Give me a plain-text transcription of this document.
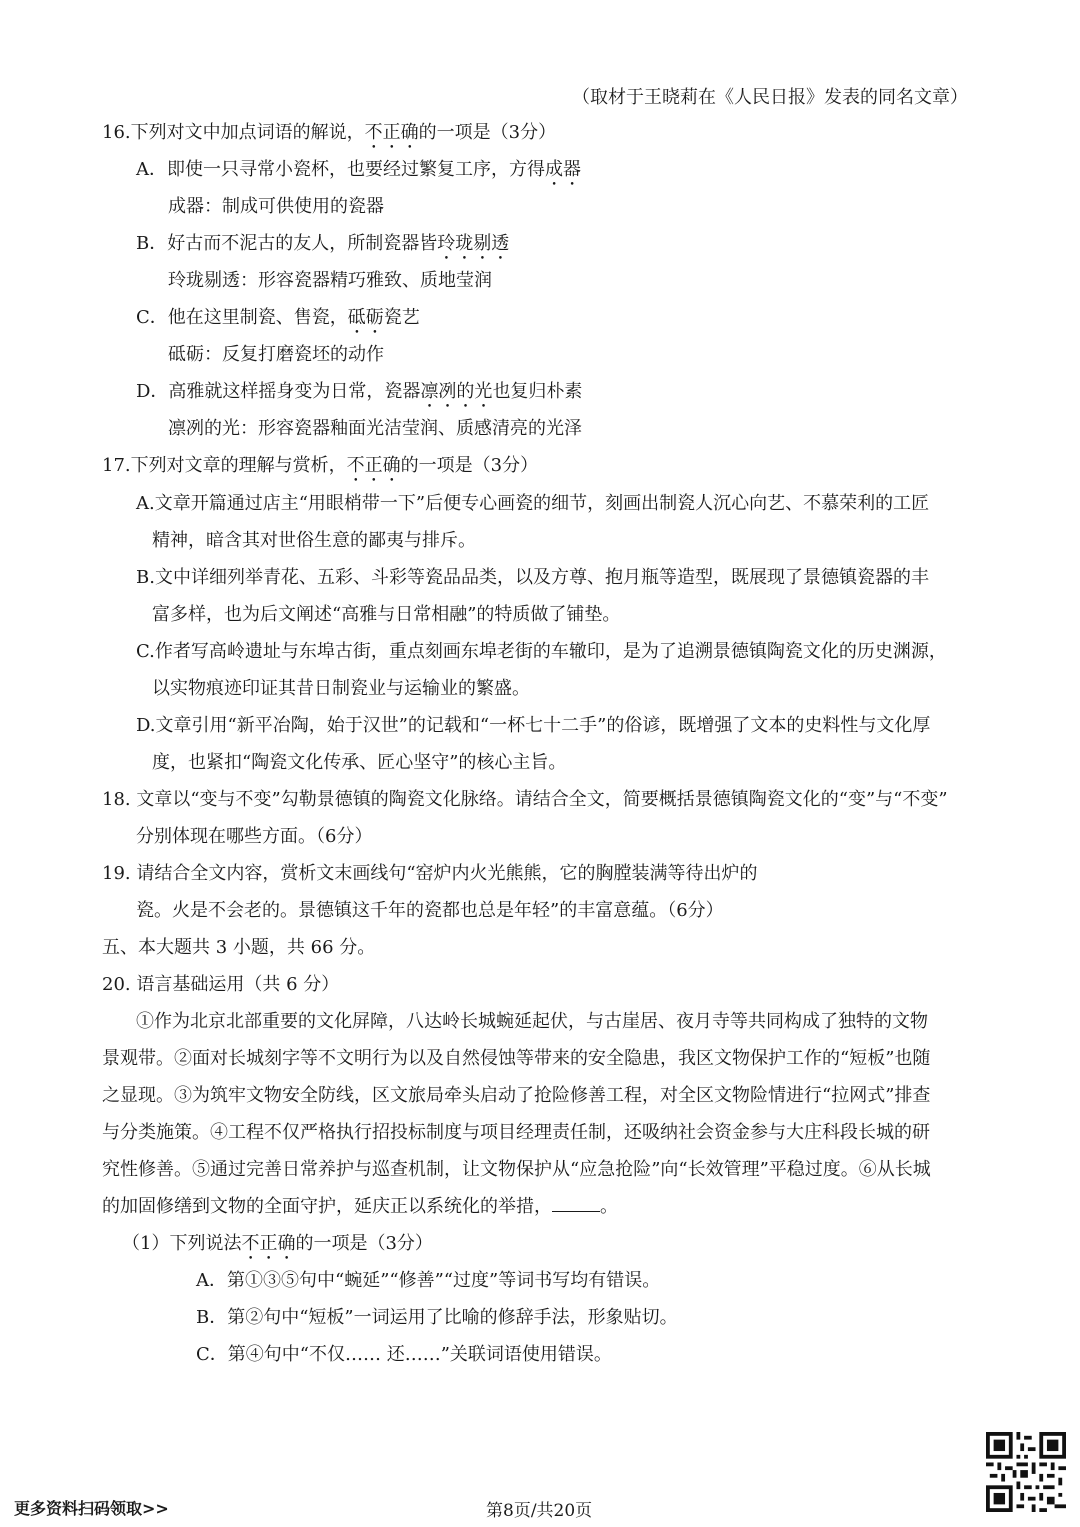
（取材于王晓莉在《人民日报》发表的同名文章）
16.下列对文中加点词语的解说，不正确的一项是（3分）
A．即使一只寻常小瓷杯，也要经过繁复工序，方得成器
成器：制成可供使用的瓷器
B．好古而不泥古的友人，所制瓷器皆玲珑剔透
玲珑剔透：形容瓷器精巧雅致、质地莹润
C．他在这里制瓷、售瓷，砥砺瓷艺
砥砺：反复打磨瓷坯的动作
D．高雅就这样摇身变为日常，瓷器凛冽的光也复归朴素
凛冽的光：形容瓷器釉面光洁莹润、质感清亮的光泽
17.下列对文章的理解与赏析，不正确的一项是（3分）
A.文章开篇通过店主“用眼梢带一下”后便专心画瓷的细节，刻画出制瓷人沉心向艺、不慕荣利的工匠
精神，暗含其对世俗生意的鄙夷与排斥。
B.文中详细列举青花、五彩、斗彩等瓷品品类，以及方尊、抱月瓶等造型，既展现了景德镇瓷器的丰
富多样，也为后文阐述“高雅与日常相融”的特质做了铺垫。
C.作者写高岭遗址与东埠古街，重点刻画东埠老街的车辙印，是为了追溯景德镇陶瓷文化的历史渊源，
以实物痕迹印证其昔日制瓷业与运输业的繁盛。
D.文章引用“新平冶陶，始于汉世”的记载和“一杯七十二手”的俗谚，既增强了文本的史料性与文化厚
度，也紧扣“陶瓷文化传承、匠心坚守”的核心主旨。
18. 文章以“变与不变”勾勒景德镇的陶瓷文化脉络。请结合全文，简要概括景德镇陶瓷文化的“变”与“不变”
分别体现在哪些方面。（6分）
19. 请结合全文内容，赏析文末画线句“窑炉内火光熊熊，它的胸膛装满等待出炉的
瓷。火是不会老的。景德镇这千年的瓷都也总是年轻”的丰富意蕴。（6分）
五、本大题共 3 小题，共 66 分。
20. 语言基础运用（共 6 分）
①作为北京北部重要的文化屏障，八达岭长城蜿延起伏，与古崖居、夜月寺等共同构成了独特的文物
景观带。②面对长城刻字等不文明行为以及自然侵蚀等带来的安全隐患，我区文物保护工作的“短板”也随
之显现。③为筑牢文物安全防线，区文旅局牵头启动了抢险修善工程，对全区文物险情进行“拉网式”排查
与分类施策。④工程不仅严格执行招投标制度与项目经理责任制，还吸纳社会资金参与大庄科段长城的研
究性修善。⑤通过完善日常养护与巡查机制，让文物保护从“应急抢险”向“长效管理”平稳过度。⑥从长城
的加固修缮到文物的全面守护，延庆正以系统化的举措，	。
（1）下列说法不正确的一项是（3分）
A．第①③⑤句中“蜿延”“修善”“过度”等词书写均有错误。
B．第②句中“短板”一词运用了比喻的修辞手法，形象贴切。
C．第④句中“不仅…… 还……”关联词语使用错误。
更多资料扫码领取>>	第8页/共20页
